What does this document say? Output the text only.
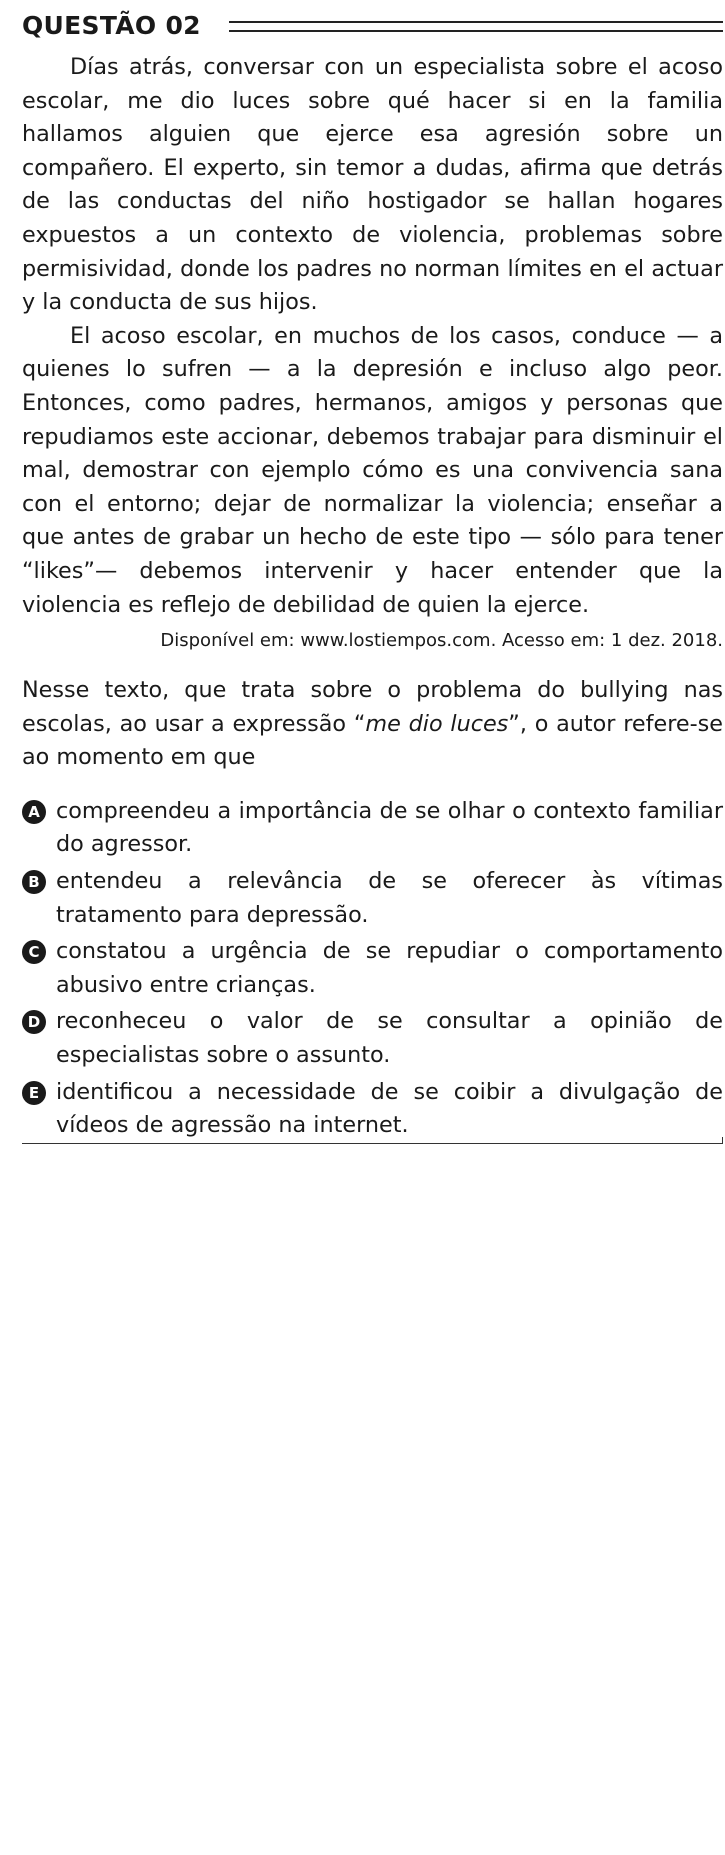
QUESTÃO 02

Días atrás, conversar con un especialista sobre el acoso escolar, me dio luces sobre qué hacer si en la familia hallamos alguien que ejerce esa agresión sobre un compañero. El experto, sin temor a dudas, afirma que detrás de las conductas del niño hostigador se hallan hogares expuestos a un contexto de violencia, problemas sobre permisividad, donde los padres no norman límites en el actuar y la conducta de sus hijos.

El acoso escolar, en muchos de los casos, conduce — a quienes lo sufren — a la depresión e incluso algo peor. Entonces, como padres, hermanos, amigos y personas que repudiamos este accionar, debemos trabajar para disminuir el mal, demostrar con ejemplo cómo es una convivencia sana con el entorno; dejar de normalizar la violencia; enseñar a que antes de grabar un hecho de este tipo — sólo para tener “likes”— debemos intervenir y hacer entender que la violencia es reflejo de debilidad de quien la ejerce.

Disponível em: www.lostiempos.com. Acesso em: 1 dez. 2018.

Nesse texto, que trata sobre o problema do bullying nas escolas, ao usar a expressão “me dio luces”, o autor refere-se ao momento em que

A compreendeu a importância de se olhar o contexto familiar do agressor.
B entendeu a relevância de se oferecer às vítimas tratamento para depressão.
C constatou a urgência de se repudiar o comportamento abusivo entre crianças.
D reconheceu o valor de se consultar a opinião de especialistas sobre o assunto.
E identificou a necessidade de se coibir a divulgação de vídeos de agressão na internet.
